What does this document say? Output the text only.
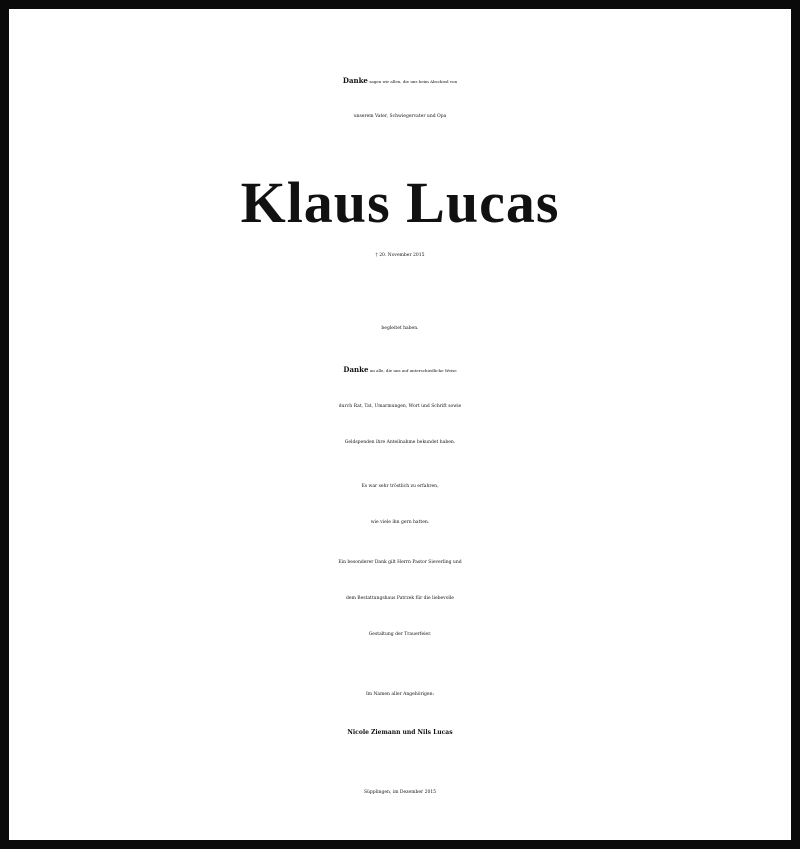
Danke sagen wir allen, die uns beim Abschied von
unserem Vater, Schwiegervater und Opa
Klaus Lucas
† 20. November 2015
begleitet haben.
Danke an alle, die uns auf unterschiedliche Weise
durch Rat, Tat, Umarmungen, Wort und Schrift sowie
Geldspenden ihre Anteilnahme bekundet haben.
Es war sehr tröstlich zu erfahren,
wie viele ihn gern hatten.
Ein besonderer Dank gilt Herrn Pastor Sieverling und
dem Bestattungshaus Patrzek für die liebevolle
Gestaltung der Trauerfeier.
Im Namen aller Angehörigen:
Nicole Ziemann und Nils Lucas
Süpplingen, im Dezember 2015
